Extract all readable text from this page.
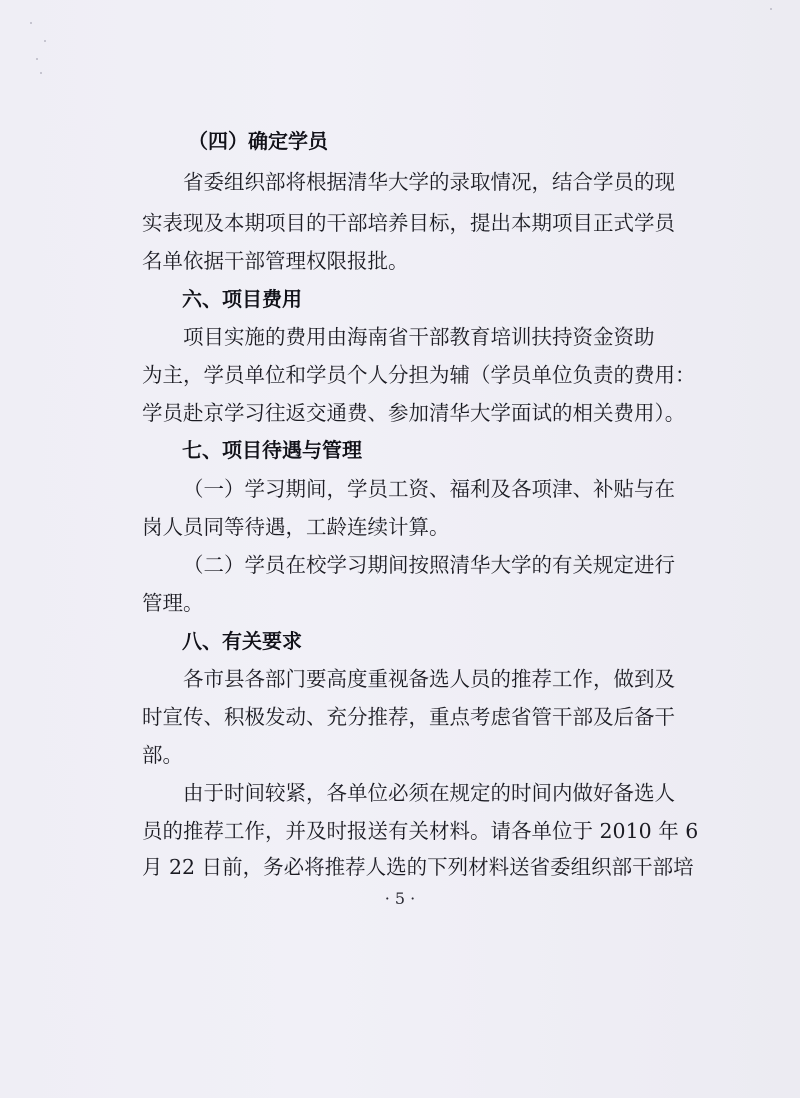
（四）确定学员
省委组织部将根据清华大学的录取情况，结合学员的现
实表现及本期项目的干部培养目标，提出本期项目正式学员
名单依据干部管理权限报批。
六、项目费用
项目实施的费用由海南省干部教育培训扶持资金资助
为主，学员单位和学员个人分担为辅（学员单位负责的费用：
学员赴京学习往返交通费、参加清华大学面试的相关费用）。
七、项目待遇与管理
（一）学习期间，学员工资、福利及各项津、补贴与在
岗人员同等待遇，工龄连续计算。
（二）学员在校学习期间按照清华大学的有关规定进行
管理。
八、有关要求
各市县各部门要高度重视备选人员的推荐工作，做到及
时宣传、积极发动、充分推荐，重点考虑省管干部及后备干
部。
由于时间较紧，各单位必须在规定的时间内做好备选人
员的推荐工作，并及时报送有关材料。请各单位于 2010 年 6
月 22 日前，务必将推荐人选的下列材料送省委组织部干部培
· 5 ·
